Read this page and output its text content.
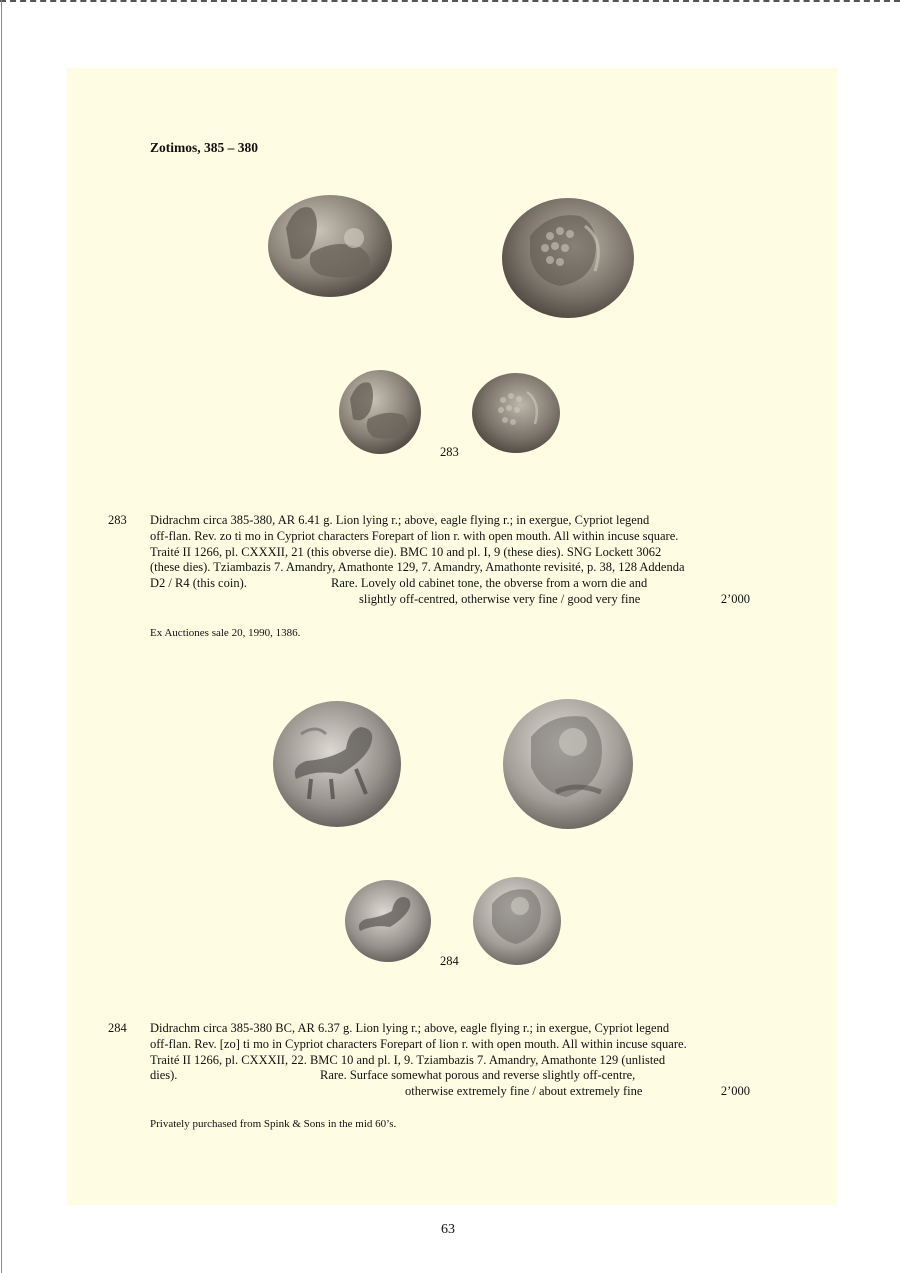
Zotimos, 385 – 380
283
283 Didrachm circa 385-380, AR 6.41 g. Lion lying r.; above, eagle flying r.; in exergue, Cypriot legend
off-flan. Rev. zo ti mo in Cypriot characters Forepart of lion r. with open mouth. All within incuse square.
Traité II 1266, pl. CXXXII, 21 (this obverse die). BMC 10 and pl. I, 9 (these dies). SNG Lockett 3062
(these dies). Tziambazis 7. Amandry, Amathonte 129, 7. Amandry, Amathonte revisité, p. 38, 128 Addenda
D2 / R4 (this coin).	Rare. Lovely old cabinet tone, the obverse from a worn die and
slightly off-centred, otherwise very fine / good very fine	2’000
Ex Auctiones sale 20, 1990, 1386.
284
284 Didrachm circa 385-380 BC, AR 6.37 g. Lion lying r.; above, eagle flying r.; in exergue, Cypriot legend
off-flan. Rev. [zo] ti mo in Cypriot characters Forepart of lion r. with open mouth. All within incuse square.
Traité II 1266, pl. CXXXII, 22. BMC 10 and pl. I, 9. Tziambazis 7. Amandry, Amathonte 129 (unlisted
dies).	Rare. Surface somewhat porous and reverse slightly off-centre,
otherwise extremely fine / about extremely fine	2’000
Privately purchased from Spink & Sons in the mid 60’s.
63
